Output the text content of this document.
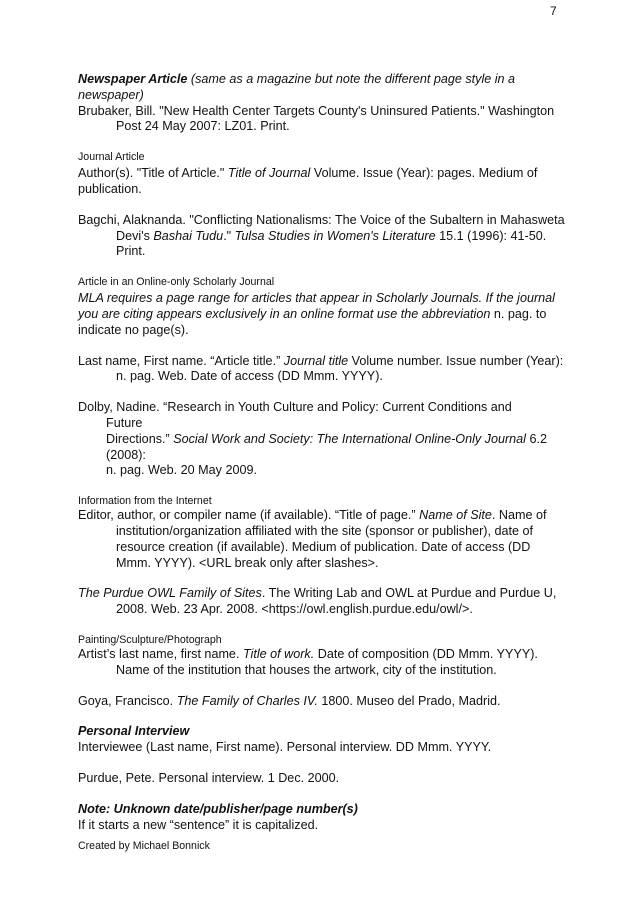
7

Newspaper Article (same as a magazine but note the different page style in a newspaper)

Brubaker, Bill. "New Health Center Targets County's Uninsured Patients." Washington Post 24 May 2007: LZ01. Print.

Journal Article

Author(s). "Title of Article." Title of Journal Volume. Issue (Year): pages. Medium of publication.

Bagchi, Alaknanda. "Conflicting Nationalisms: The Voice of the Subaltern in Mahasweta Devi's Bashai Tudu." Tulsa Studies in Women's Literature 15.1 (1996): 41-50. Print.

Article in an Online-only Scholarly Journal

MLA requires a page range for articles that appear in Scholarly Journals. If the journal you are citing appears exclusively in an online format use the abbreviation n. pag. to indicate no page(s).

Last name, First name. “Article title.” Journal title Volume number. Issue number (Year): n. pag. Web. Date of access (DD Mmm. YYYY).

Dolby, Nadine. “Research in Youth Culture and Policy: Current Conditions and

Future

Directions.” Social Work and Society: The International Online-Only Journal 6.2

(2008):

n. pag. Web. 20 May 2009.

Information from the Internet

Editor, author, or compiler name (if available). “Title of page.” Name of Site. Name of institution/organization affiliated with the site (sponsor or publisher), date of resource creation (if available). Medium of publication. Date of access (DD Mmm. YYYY). <URL break only after slashes>.

The Purdue OWL Family of Sites. The Writing Lab and OWL at Purdue and Purdue U, 2008. Web. 23 Apr. 2008. <https://owl.english.purdue.edu/owl/>.

Painting/Sculpture/Photograph

Artist’s last name, first name. Title of work. Date of composition (DD Mmm. YYYY). Name of the institution that houses the artwork, city of the institution.

Goya, Francisco. The Family of Charles IV. 1800. Museo del Prado, Madrid.

Personal Interview

Interviewee (Last name, First name). Personal interview. DD Mmm. YYYY.

Purdue, Pete. Personal interview. 1 Dec. 2000.

Note: Unknown date/publisher/page number(s)

If it starts a new “sentence” it is capitalized.

Created by Michael Bonnick
